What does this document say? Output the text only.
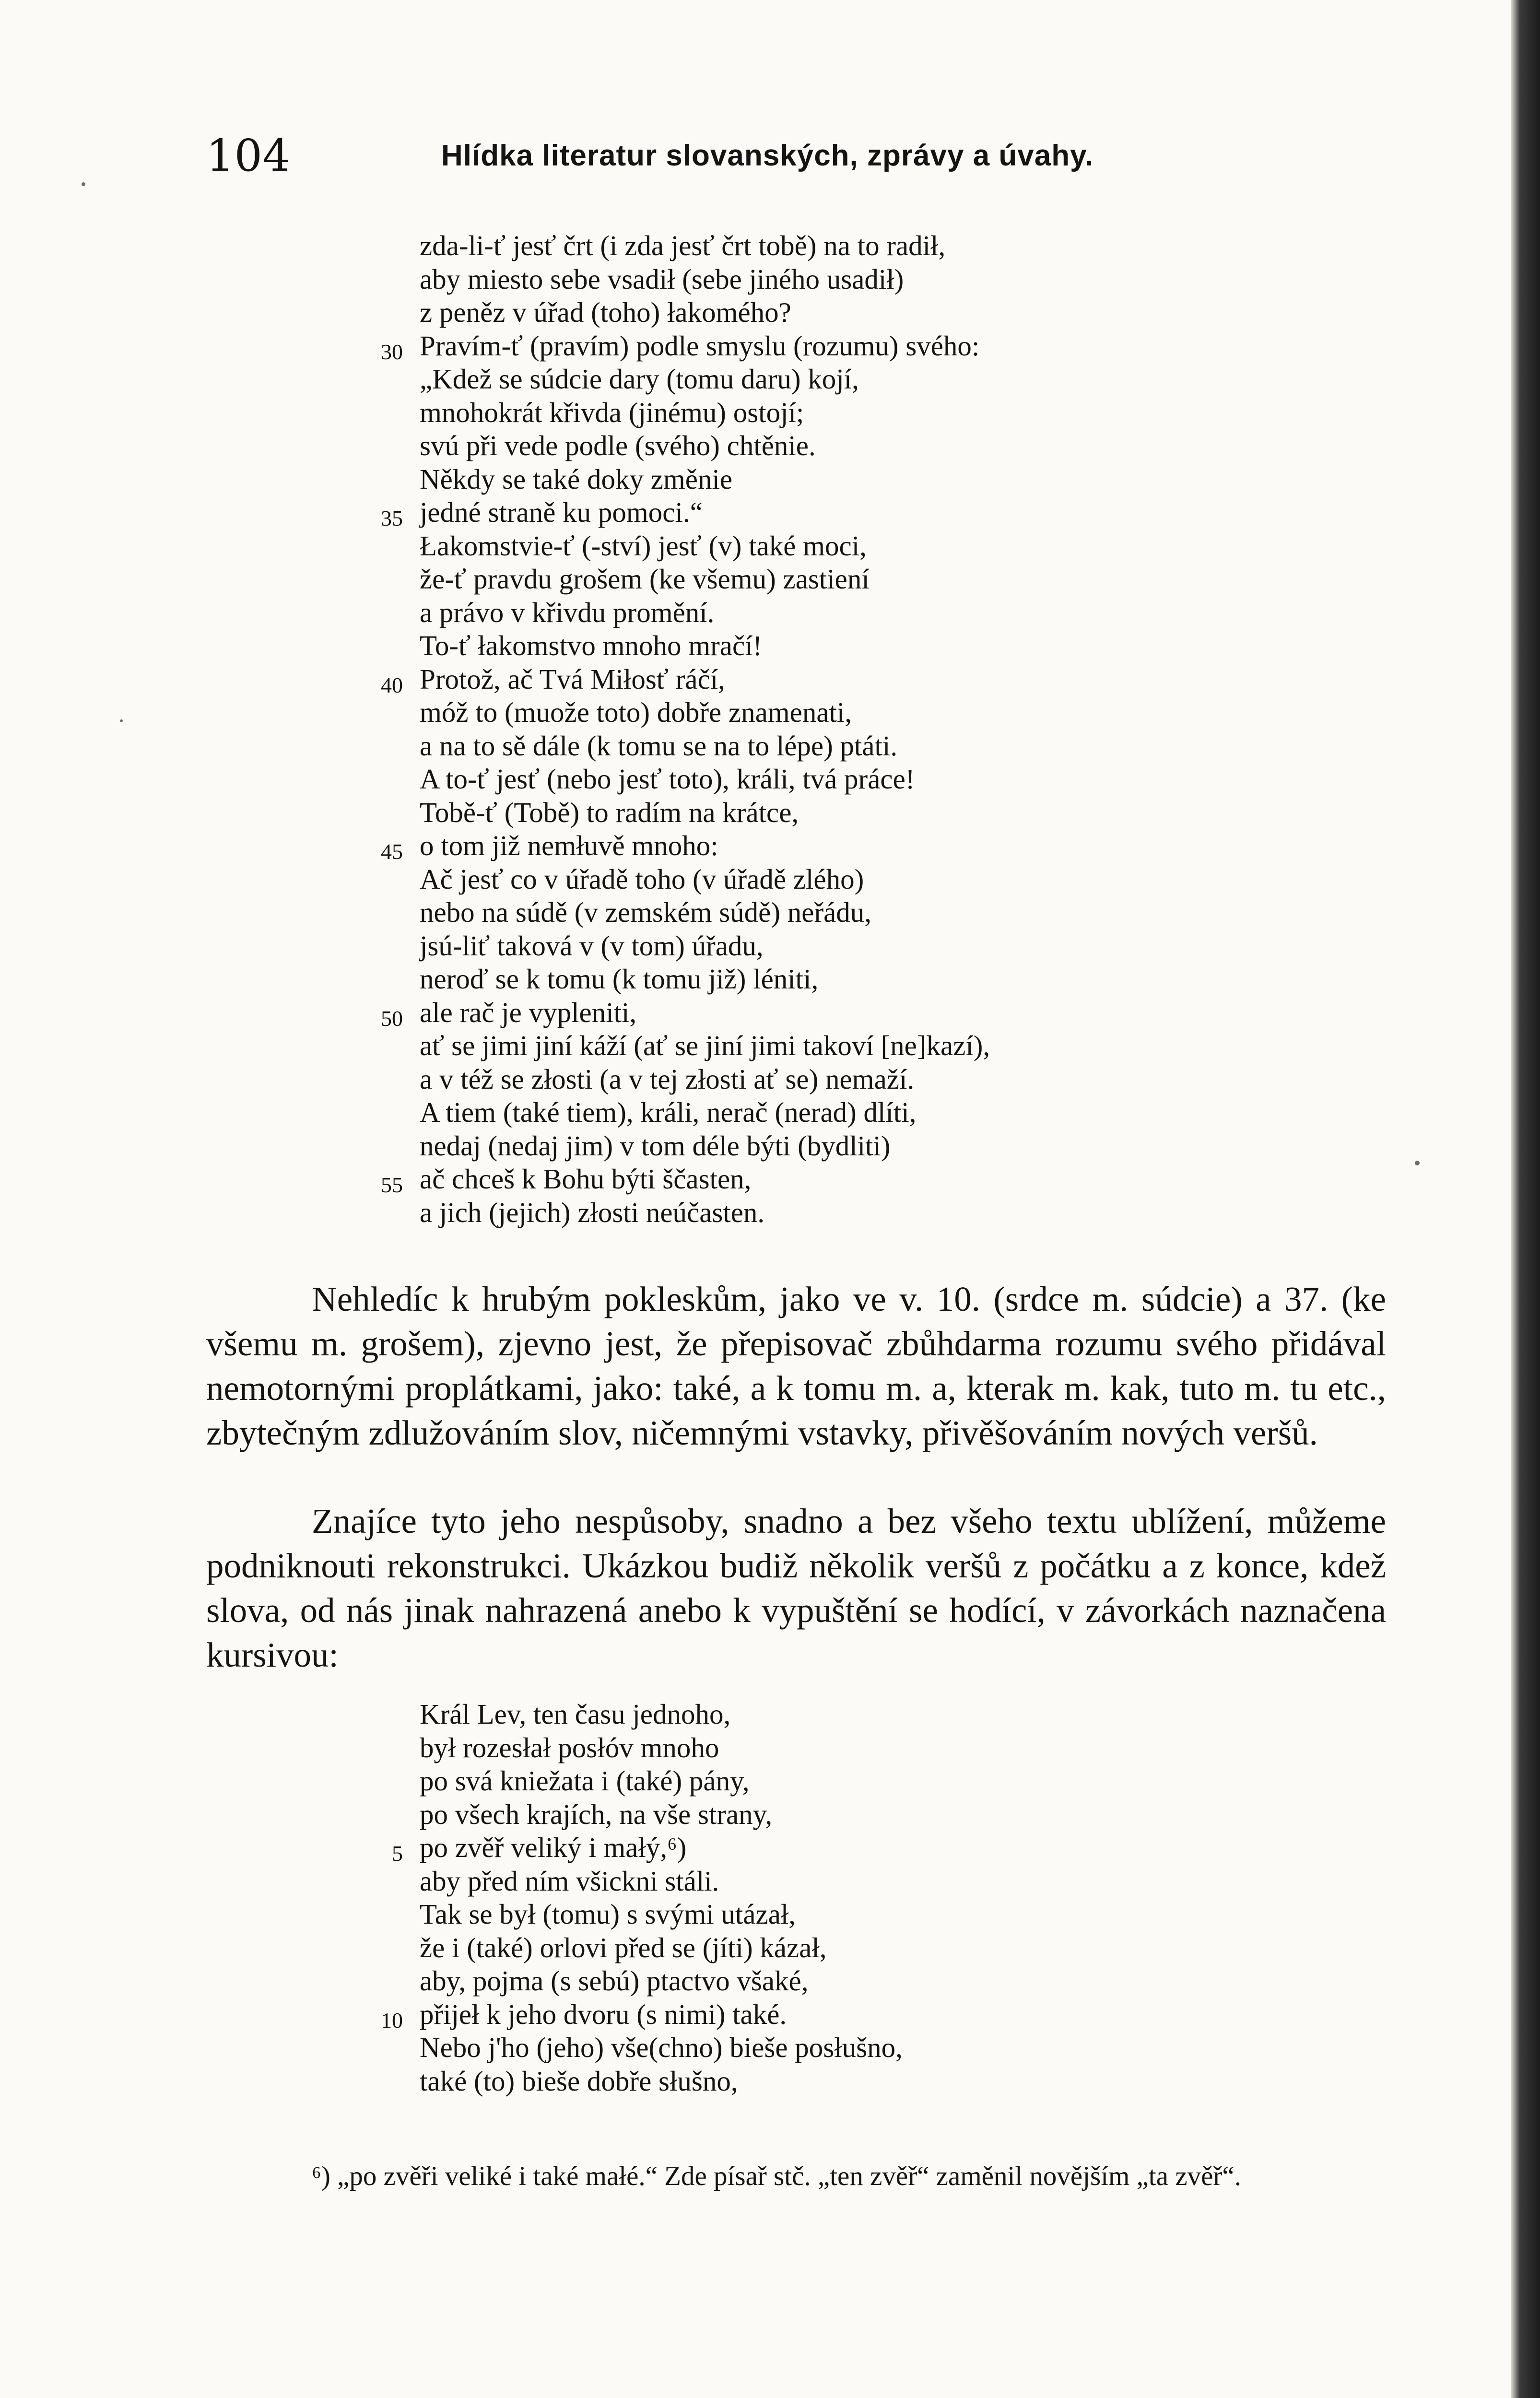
104	Hlídka literatur slovanských, zprávy a úvahy.
zda-li-ť jesť črt (i zda jesť črt tobě) na to radił,
aby miesto sebe vsadił (sebe jiného usadił)
z peněz v úřad (toho) łakomého?
30 Pravím-ť (pravím) podle smyslu (rozumu) svého:
„Kdež se súdcie dary (tomu daru) kojí,
mnohokrát křivda (jinému) ostojí;
svú při vede podle (svého) chtěnie.
Někdy se také doky změnie
35 jedné straně ku pomoci.“
Łakomstvie-ť (-ství) jesť (v) také moci,
že-ť pravdu grošem (ke všemu) zastiení
a právo v křivdu promění.
To-ť łakomstvo mnoho mračí!
40 Protož, ač Tvá Miłosť ráčí,
móž to (muože toto) dobře znamenati,
a na to sě dále (k tomu se na to lépe) ptáti.
A to-ť jesť (nebo jesť toto), králi, tvá práce!
Tobě-ť (Tobě) to radím na krátce,
45 o tom již nemłuvě mnoho:
Ač jesť co v úřadě toho (v úřadě zlého)
nebo na súdě (v zemském súdě) neřádu,
jsú-liť taková v (v tom) úřadu,
neroď se k tomu (k tomu již) léniti,
50 ale rač je vypleniti,
ať se jimi jiní káží (ať se jiní jimi takoví [ne]kazí),
a v též se złosti (a v tej złosti ať se) nemaží.
A tiem (také tiem), králi, nerač (nerad) dlíti,
nedaj (nedaj jim) v tom déle býti (bydliti)
55 ač chceš k Bohu býti ščasten,
a jich (jejich) złosti neúčasten.

Nehledíc k hrubým pokleskům, jako ve v. 10. (srdce m. súdcie) a 37. (ke všemu m. grošem), zjevno jest, že přepisovač zbůhdarma rozumu svého přidával nemotornými proplátkami, jako: také, a k tomu m. a, kterak m. kak, tuto m. tu etc., zbytečným zdlužováním slov, ničemnými vstavky, přivěšováním nových veršů.

Znajíce tyto jeho nespůsoby, snadno a bez všeho textu ublížení, můžeme podniknouti rekonstrukci. Ukázkou budiž několik veršů z počátku a z konce, kdež slova, od nás jinak nahrazená anebo k vypuštění se hodící, v závorkách naznačena kursivou:

Král Lev, ten času jednoho,
był rozesłał posłóv mnoho
po svá kniežata i (také) pány,
po všech krajích, na vše strany,
5 po zvěř veliký i małý,⁶)
aby před ním všickni stáli.
Tak se był (tomu) s svými utázał,
že i (také) orlovi před se (jíti) kázał,
aby, pojma (s sebú) ptactvo všaké,
10 přijeł k jeho dvoru (s nimi) také.
Nebo j'ho (jeho) vše(chno) bieše posłušno,
také (to) bieše dobře słušno,
⁶) „po zvěři veliké i také małé.“ Zde písař stč. „ten zvěř“ zaměnil novějším „ta zvěř“.
